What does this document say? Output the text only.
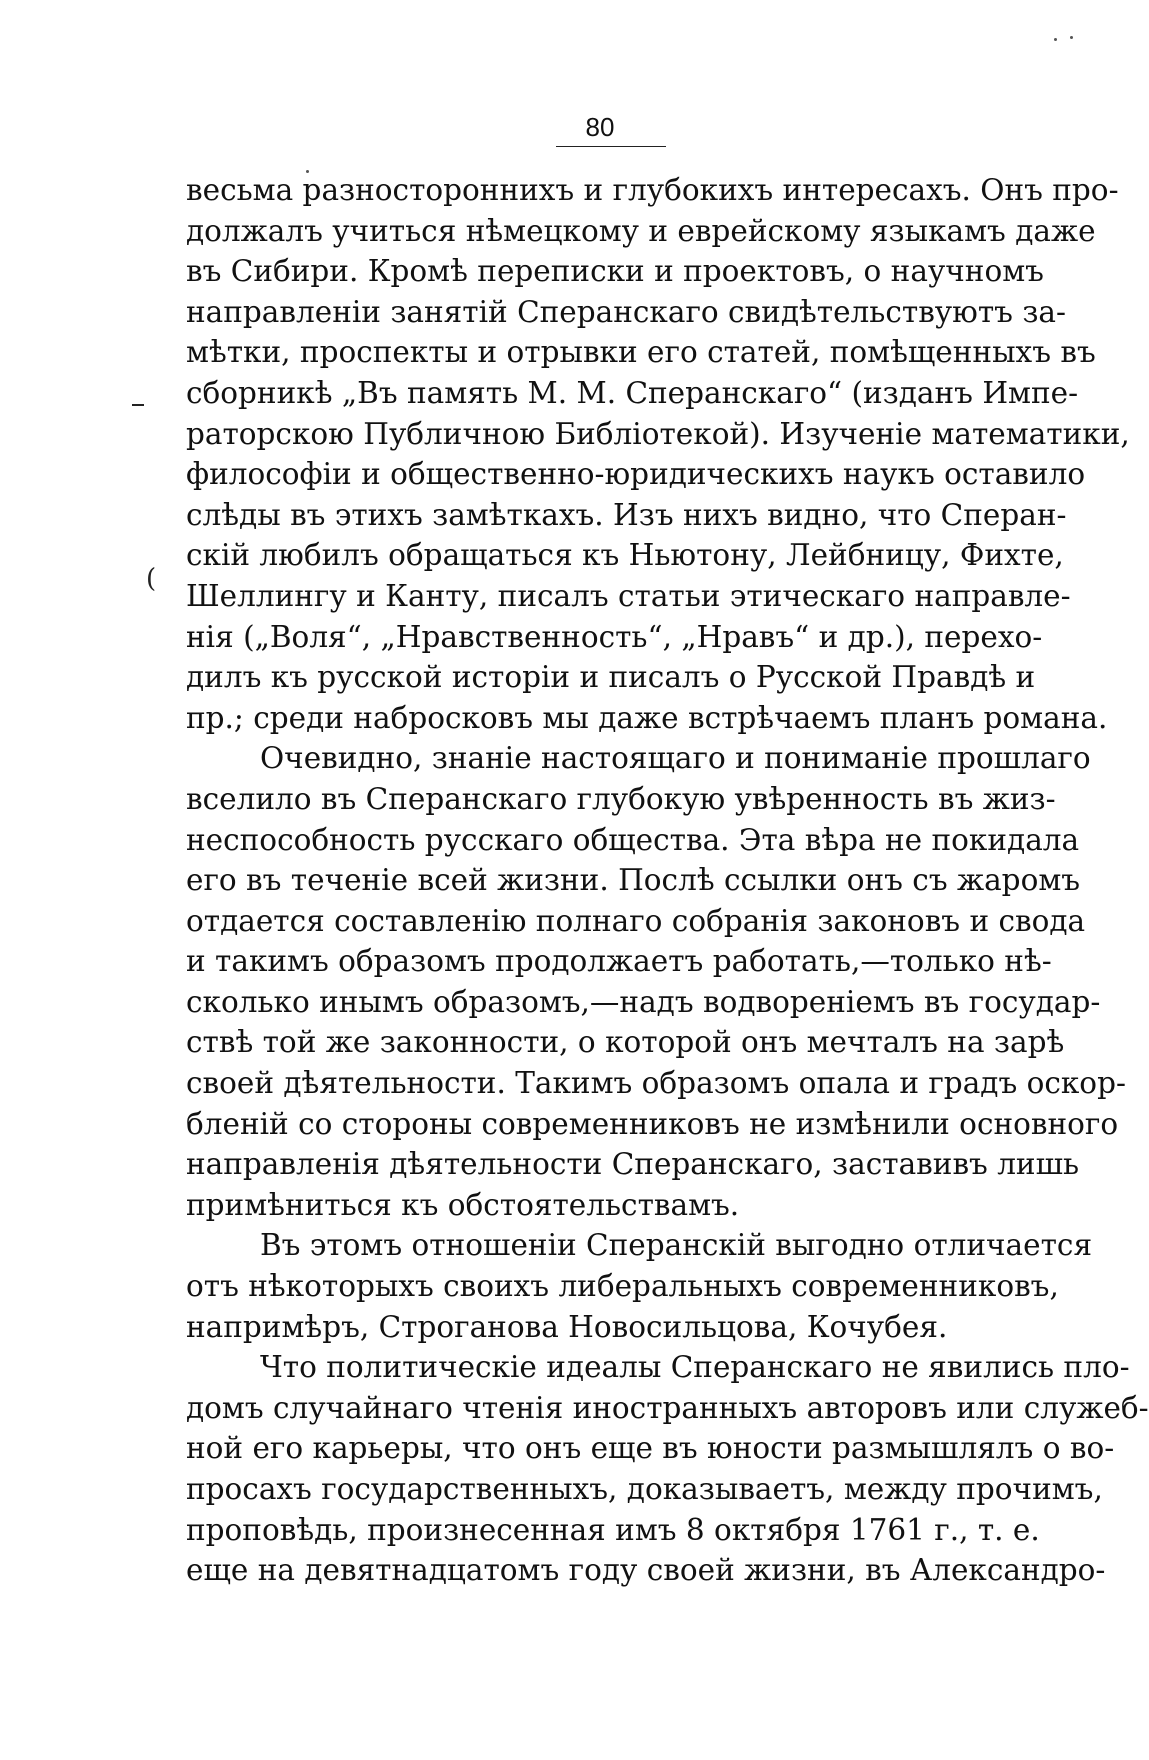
80
(
весьма разностороннихъ и глубокихъ интересахъ. Онъ про-
должалъ учиться нѣмецкому и еврейскому языкамъ даже
въ Сибири. Кромѣ переписки и проектовъ, о научномъ
направленіи занятій Сперанскаго свидѣтельствуютъ за-
мѣтки, проспекты и отрывки его статей, помѣщенныхъ въ
сборникѣ „Въ память М. М. Сперанскаго“ (изданъ Импе-
раторскою Публичною Библіотекой). Изученіе математики,
философіи и общественно-юридическихъ наукъ оставило
слѣды въ этихъ замѣткахъ. Изъ нихъ видно, что Сперан-
скій любилъ обращаться къ Ньютону, Лейбницу, Фихте,
Шеллингу и Канту, писалъ статьи этическаго направле-
нія („Воля“, „Нравственность“, „Нравъ“ и др.), перехо-
дилъ къ русской исторіи и писалъ о Русской Правдѣ и
пр.; среди набросковъ мы даже встрѣчаемъ планъ романа.
Очевидно, знаніе настоящаго и пониманіе прошлаго
вселило въ Сперанскаго глубокую увѣренность въ жиз-
неспособность русскаго общества. Эта вѣра не покидала
его въ теченіе всей жизни. Послѣ ссылки онъ съ жаромъ
отдается составленію полнаго собранія законовъ и свода
и такимъ образомъ продолжаетъ работать,—только нѣ-
сколько инымъ образомъ,—надъ водвореніемъ въ государ-
ствѣ той же законности, о которой онъ мечталъ на зарѣ
своей дѣятельности. Такимъ образомъ опала и градъ оскор-
бленій со стороны современниковъ не измѣнили основного
направленія дѣятельности Сперанскаго, заставивъ лишь
примѣниться къ обстоятельствамъ.
Въ этомъ отношеніи Сперанскій выгодно отличается
отъ нѣкоторыхъ своихъ либеральныхъ современниковъ,
напримѣръ, Строганова Новосильцова, Кочубея.
Что политическіе идеалы Сперанскаго не явились пло-
домъ случайнаго чтенія иностранныхъ авторовъ или служеб-
ной его карьеры, что онъ еще въ юности размышлялъ о во-
просахъ государственныхъ, доказываетъ, между прочимъ,
проповѣдь, произнесенная имъ 8 октября 1761 г., т. е.
еще на девятнадцатомъ году своей жизни, въ Александро-
